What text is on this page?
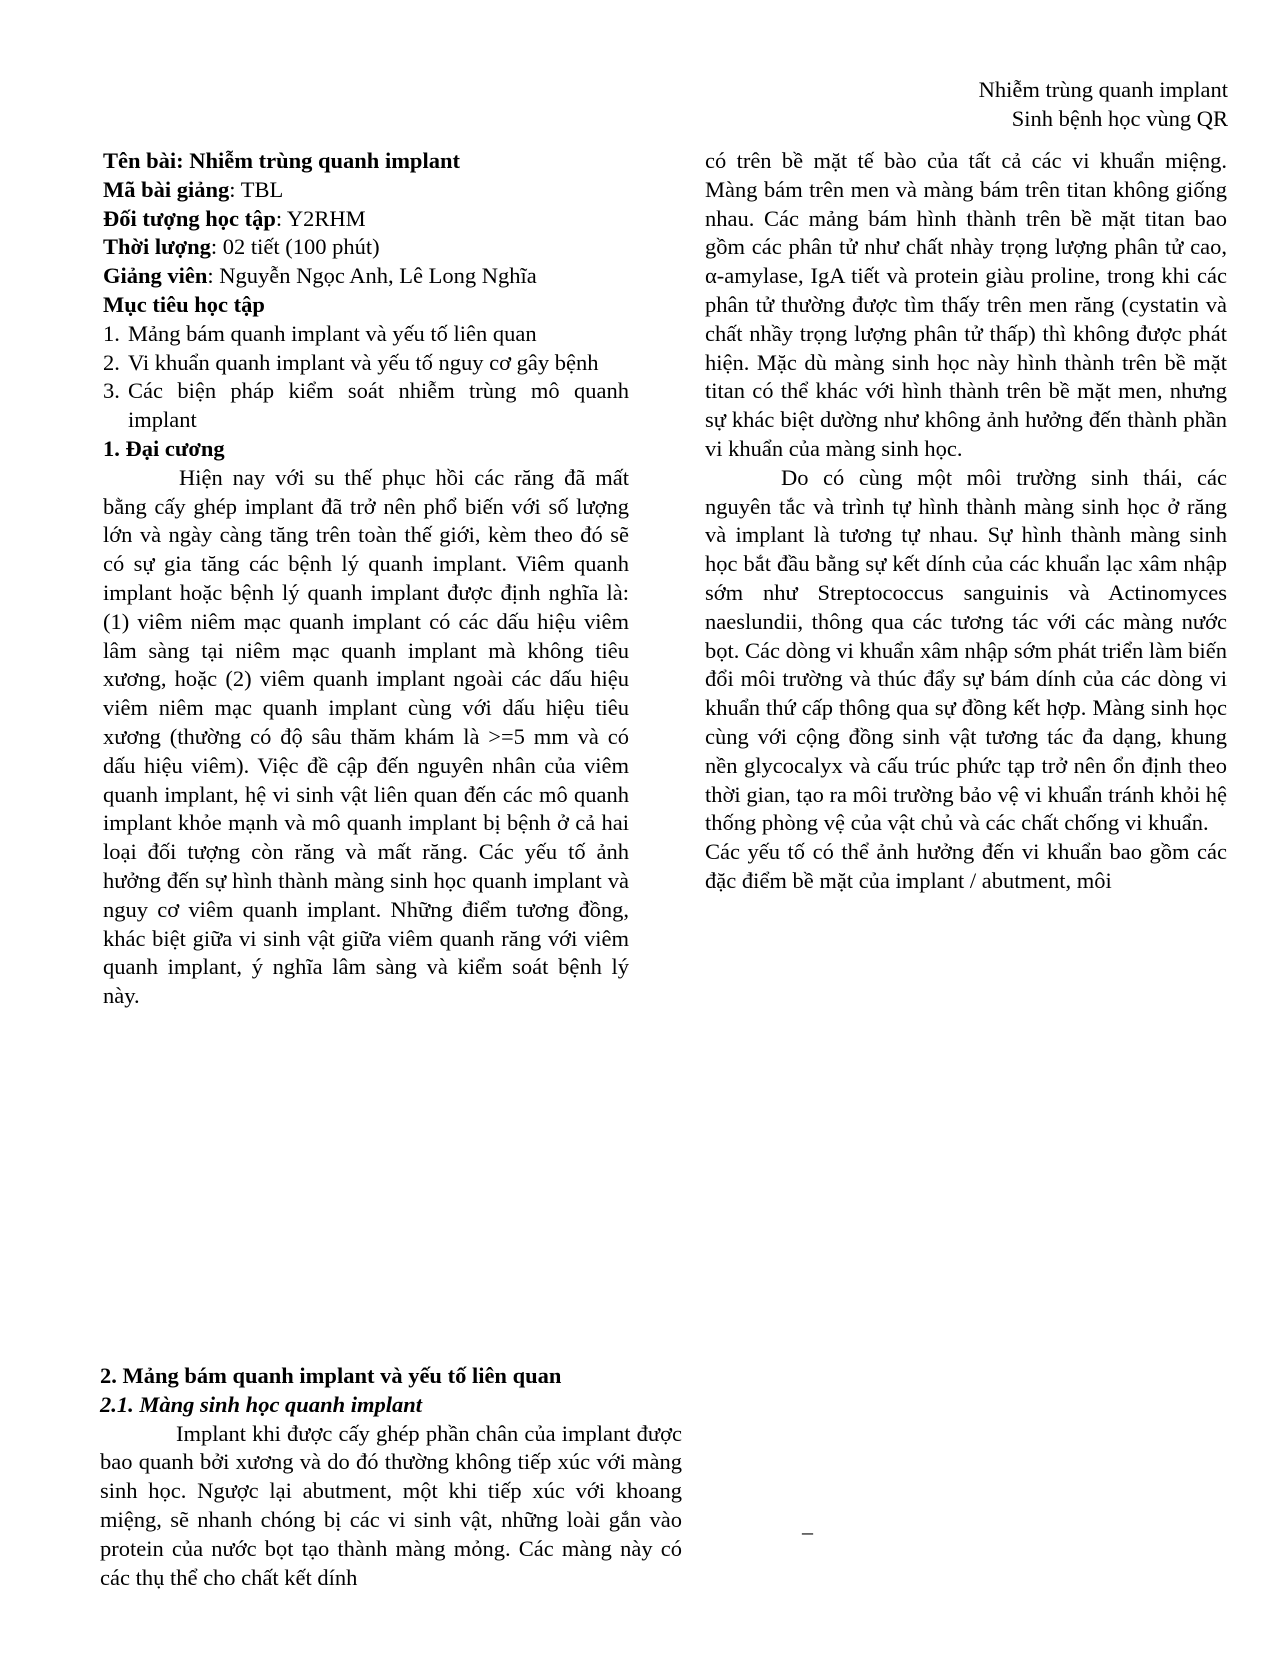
Nhiễm trùng quanh implant
Sinh bệnh học vùng QR
Tên bài: Nhiễm trùng quanh implant
Mã bài giảng: TBL
Đối tượng học tập: Y2RHM
Thời lượng: 02 tiết (100 phút)
Giảng viên: Nguyễn Ngọc Anh, Lê Long Nghĩa
Mục tiêu học tập
1. Mảng bám quanh implant và yếu tố liên quan
2. Vi khuẩn quanh implant và yếu tố nguy cơ gây bệnh
3. Các biện pháp kiểm soát nhiễm trùng mô quanh implant
1. Đại cương

Hiện nay với su thế phục hồi các răng đã mất bằng cấy ghép implant đã trở nên phổ biến với số lượng lớn và ngày càng tăng trên toàn thế giới, kèm theo đó sẽ có sự gia tăng các bệnh lý quanh implant. Viêm quanh implant hoặc bệnh lý quanh implant được định nghĩa là: (1) viêm niêm mạc quanh implant có các dấu hiệu viêm lâm sàng tại niêm mạc quanh implant mà không tiêu xương, hoặc (2) viêm quanh implant ngoài các dấu hiệu viêm niêm mạc quanh implant cùng với dấu hiệu tiêu xương (thường có độ sâu thăm khám là >=5 mm và có dấu hiệu viêm). Việc đề cập đến nguyên nhân của viêm quanh implant, hệ vi sinh vật liên quan đến các mô quanh implant khỏe mạnh và mô quanh implant bị bệnh ở cả hai loại đối tượng còn răng và mất răng. Các yếu tố ảnh hưởng đến sự hình thành màng sinh học quanh implant và nguy cơ viêm quanh implant. Những điểm tương đồng, khác biệt giữa vi sinh vật giữa viêm quanh răng với viêm quanh implant, ý nghĩa lâm sàng và kiểm soát bệnh lý này.

có trên bề mặt tế bào của tất cả các vi khuẩn miệng. Màng bám trên men và màng bám trên titan không giống nhau. Các mảng bám hình thành trên bề mặt titan bao gồm các phân tử như chất nhày trọng lượng phân tử cao, α-amylase, IgA tiết và protein giàu proline, trong khi các phân tử thường được tìm thấy trên men răng (cystatin và chất nhầy trọng lượng phân tử thấp) thì không được phát hiện. Mặc dù màng sinh học này hình thành trên bề mặt titan có thể khác với hình thành trên bề mặt men, nhưng sự khác biệt dường như không ảnh hưởng đến thành phần vi khuẩn của màng sinh học.

Do có cùng một môi trường sinh thái, các nguyên tắc và trình tự hình thành màng sinh học ở răng và implant là tương tự nhau. Sự hình thành màng sinh học bắt đầu bằng sự kết dính của các khuẩn lạc xâm nhập sớm như Streptococcus sanguinis và Actinomyces naeslundii, thông qua các tương tác với các màng nước bọt. Các dòng vi khuẩn xâm nhập sớm phát triển làm biến đổi môi trường và thúc đẩy sự bám dính của các dòng vi khuẩn thứ cấp thông qua sự đồng kết hợp. Màng sinh học cùng với cộng đồng sinh vật tương tác đa dạng, khung nền glycocalyx và cấu trúc phức tạp trở nên ổn định theo thời gian, tạo ra môi trường bảo vệ vi khuẩn tránh khỏi hệ thống phòng vệ của vật chủ và các chất chống vi khuẩn.

Các yếu tố có thể ảnh hưởng đến vi khuẩn bao gồm các đặc điểm bề mặt của implant / abutment, môi

2. Mảng bám quanh implant và yếu tố liên quan
2.1. Màng sinh học quanh implant

Implant khi được cấy ghép phần chân của implant được bao quanh bởi xương và do đó thường không tiếp xúc với màng sinh học. Ngược lại abutment, một khi tiếp xúc với khoang miệng, sẽ nhanh chóng bị các vi sinh vật, những loài gắn vào protein của nước bọt tạo thành màng mỏng. Các màng này có các thụ thể cho chất kết dính

–
